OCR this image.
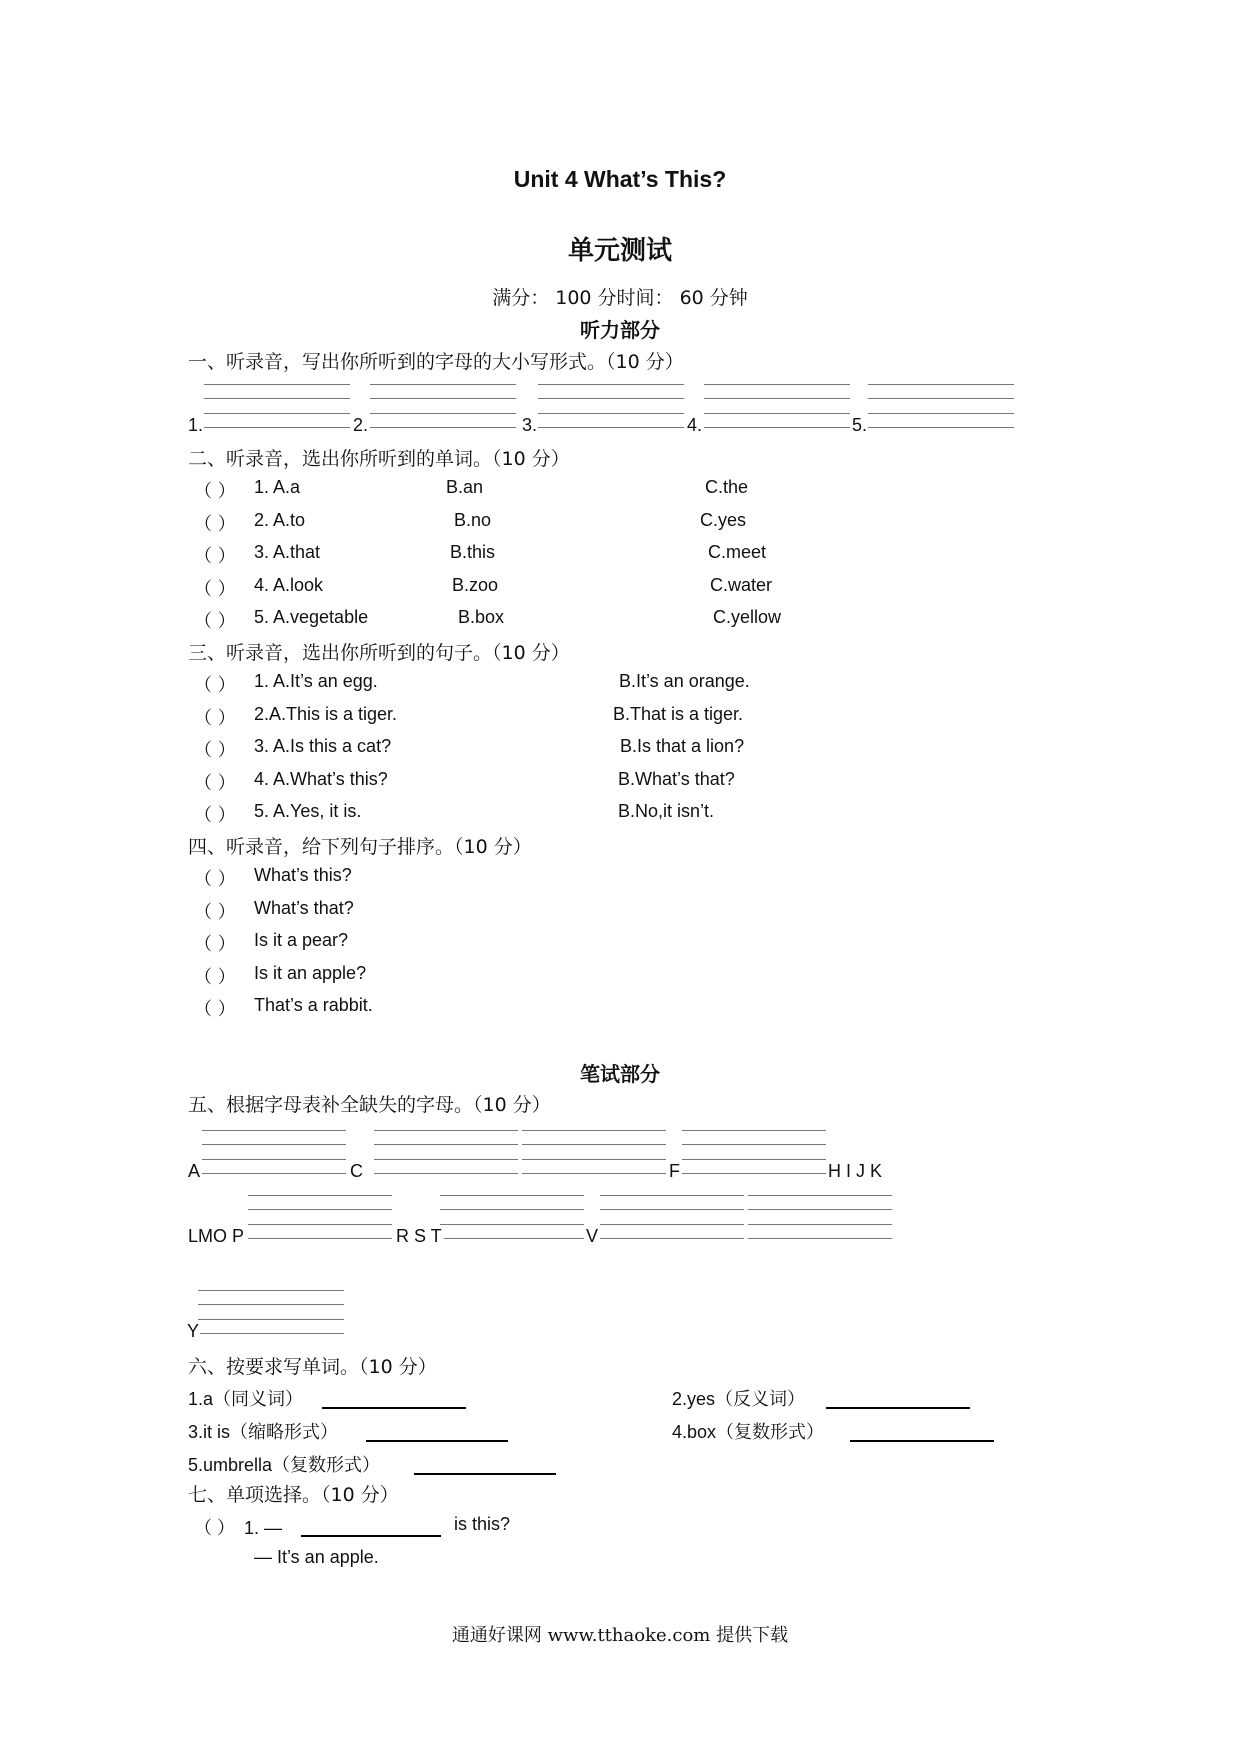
Unit 4 What’s This?
单元测试
满分： 100 分时间： 60 分钟
听力部分
一、听录音，写出你所听到的字母的大小写形式。（10 分）
1.	2.	3.	4.	5.
二、听录音，选出你所听到的单词。（10 分）
（ ） 1. A.a	B.an	C.the
（ ） 2. A.to	B.no	C.yes
（ ） 3. A.that	B.this	C.meet
（ ） 4. A.look	B.zoo	C.water
（ ） 5. A.vegetable	B.box	C.yellow
三、听录音，选出你所听到的句子。（10 分）
（ ） 1. A.It’s an egg.	B.It’s an orange.
（ ） 2.A.This is a tiger.	B.That is a tiger.
（ ） 3. A.Is this a cat?	B.Is that a lion?
（ ） 4. A.What’s this?	B.What’s that?
（ ） 5. A.Yes, it is.	B.No,it isn’t.
四、听录音，给下列句子排序。（10 分）
（ ） What’s this?
（ ） What’s that?
（ ） Is it a pear?
（ ） Is it an apple?
（ ） That’s a rabbit.
笔试部分
五、根据字母表补全缺失的字母。（10 分）
A	C	F	H I J K
LMO P	R S T	V
Y
六、按要求写单词。（10 分）
1.a（同义词）	2.yes（反义词）
3.it is（缩略形式）	4.box（复数形式）
5.umbrella（复数形式）
七、单项选择。（10 分）
（ ） 1. —	is this?
— It’s an apple.
通通好课网 www.tthaoke.com 提供下载
